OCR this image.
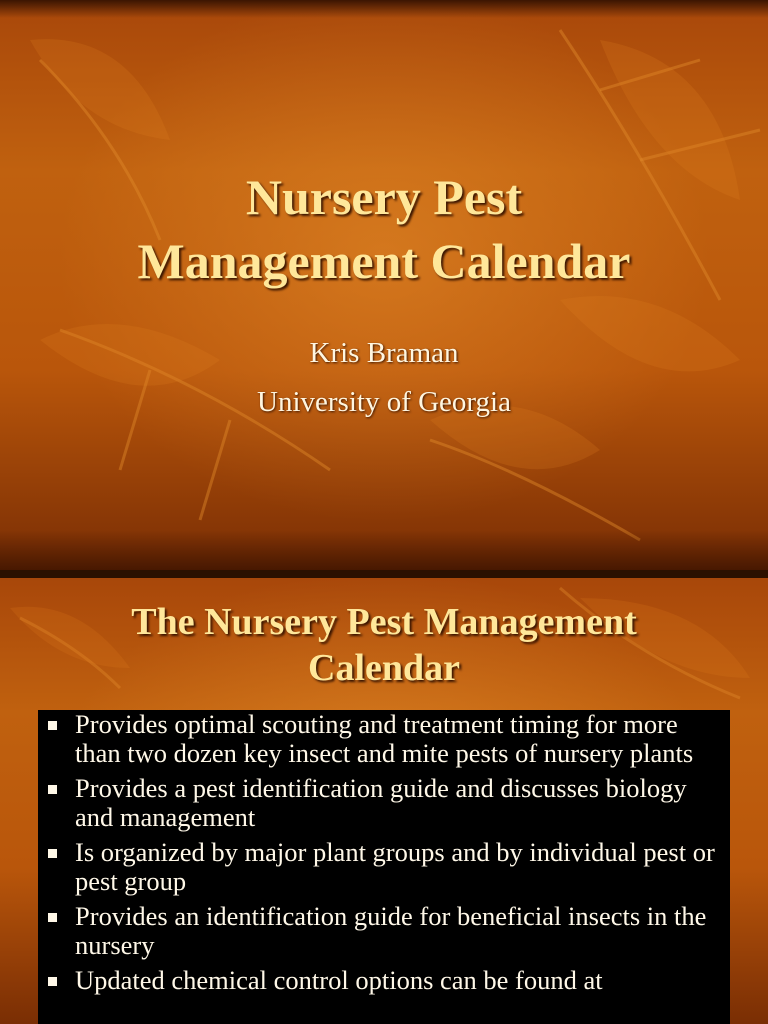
Nursery Pest
Management Calendar
Kris Braman
University of Georgia
The Nursery Pest Management
Calendar
Provides optimal scouting and treatment timing for more than two dozen key insect and mite pests of nursery plants
Provides a pest identification guide and discusses biology and management
Is organized by major plant groups and by individual pest or pest group
Provides an identification guide for beneficial insects in the nursery
Updated chemical control options can be found at
